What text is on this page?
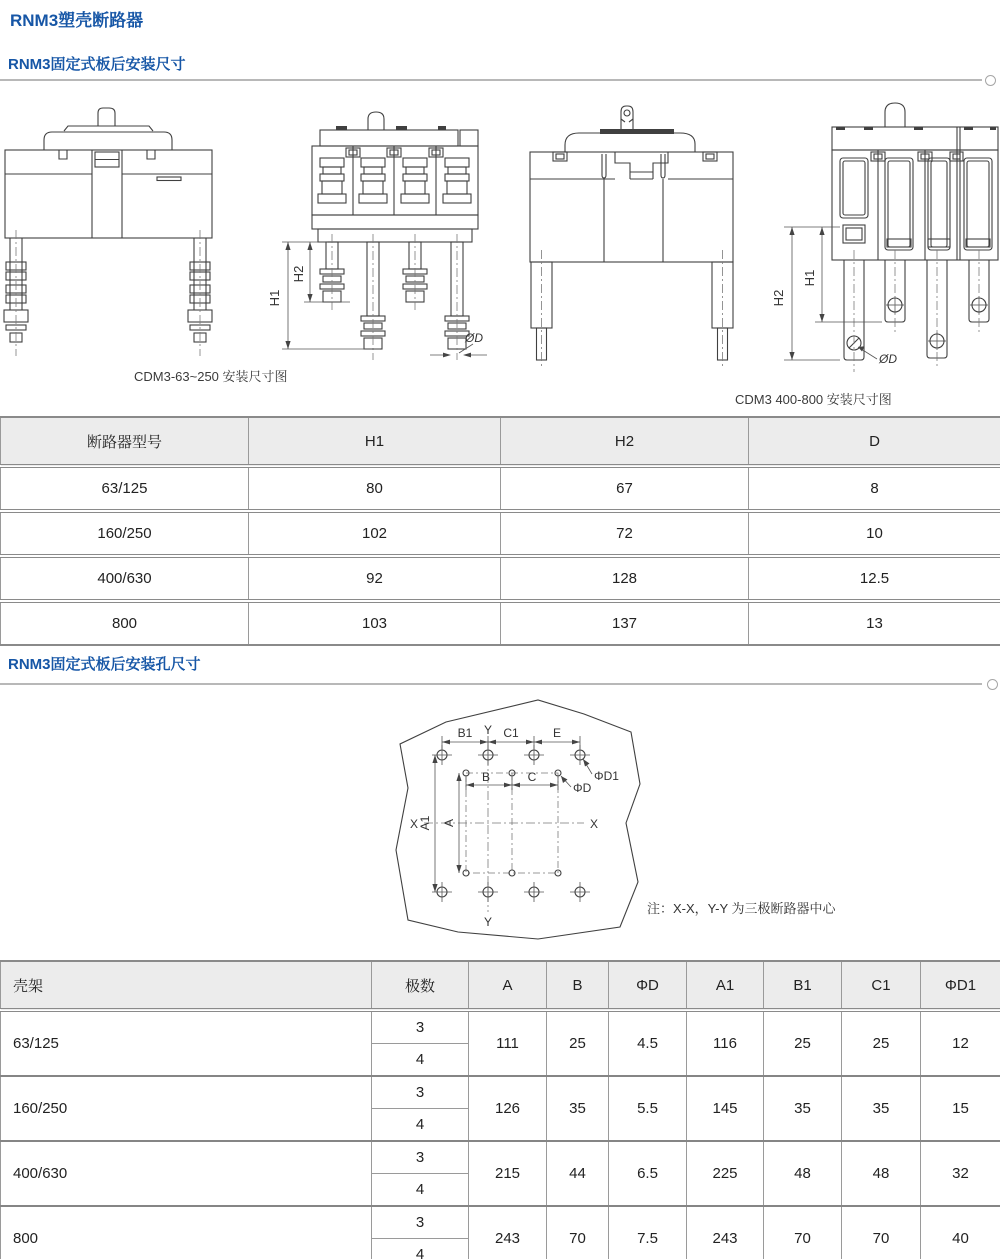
RNM3塑壳断路器
RNM3固定式板后安装尺寸
H1
H2
ØD
H2
H1
ØD
CDM3-63~250 安装尺寸图
CDM3 400-800 安装尺寸图
断路器型号	H1	H2	D
63/125	80	67	8
160/250	102	72	10
400/630	92	128	12.5
800	103	137	13
RNM3固定式板后安装孔尺寸
B1	C1	E
B	C
A1 A
X	X
Y
Y
ΦD1
ΦD
注：X-X，Y-Y 为三极断路器中心
壳架	极数	A	B	ΦD	A1	B1	C1	ΦD1
63/125	3	111	25	4.5	116	25	25	12
	4							
160/250	3	126	35	5.5	145	35	35	15
	4							
400/630	3	215	44	6.5	225	48	48	32
	4							
800	3	243	70	7.5	243	70	70	40
	4							
